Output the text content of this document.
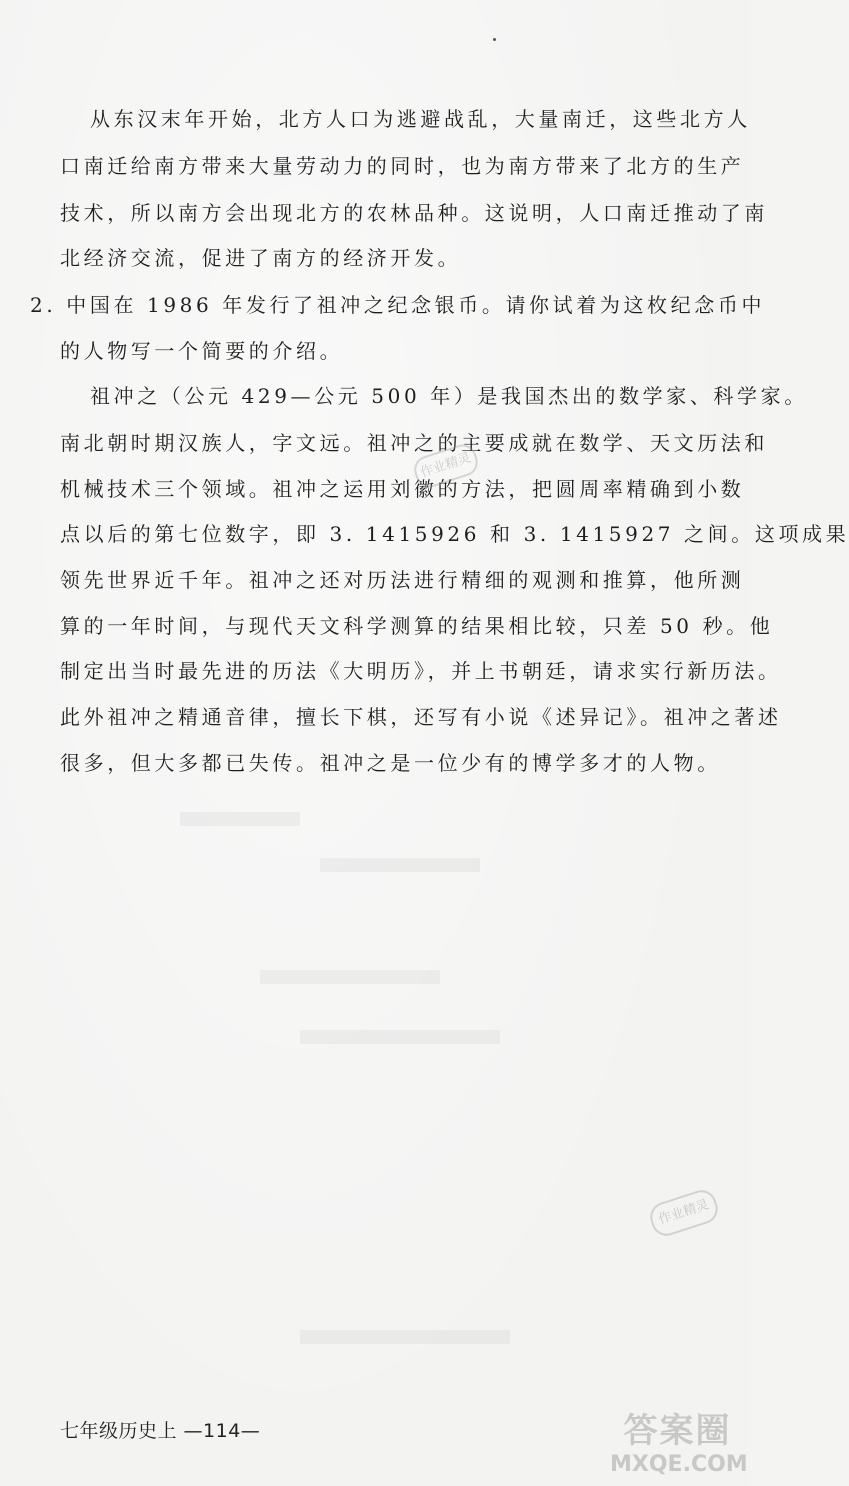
从东汉末年开始，北方人口为逃避战乱，大量南迁，这些北方人
口南迁给南方带来大量劳动力的同时，也为南方带来了北方的生产
技术，所以南方会出现北方的农林品种。这说明，人口南迁推动了南
北经济交流，促进了南方的经济开发。
2. 中国在 1986 年发行了祖冲之纪念银币。请你试着为这枚纪念币中
的人物写一个简要的介绍。
祖冲之（公元 429—公元 500 年）是我国杰出的数学家、科学家。
南北朝时期汉族人，字文远。祖冲之的主要成就在数学、天文历法和
机械技术三个领域。祖冲之运用刘徽的方法，把圆周率精确到小数
点以后的第七位数字，即 3. 1415926 和 3. 1415927 之间。这项成果
领先世界近千年。祖冲之还对历法进行精细的观测和推算，他所测
算的一年时间，与现代天文科学测算的结果相比较，只差 50 秒。他
制定出当时最先进的历法《大明历》，并上书朝廷，请求实行新历法。
此外祖冲之精通音律，擅长下棋，还写有小说《述异记》。祖冲之著述
很多，但大多都已失传。祖冲之是一位少有的博学多才的人物。
作业精灵
作业精灵
答案圈
MXQE.COM
七年级历史上 —114—
